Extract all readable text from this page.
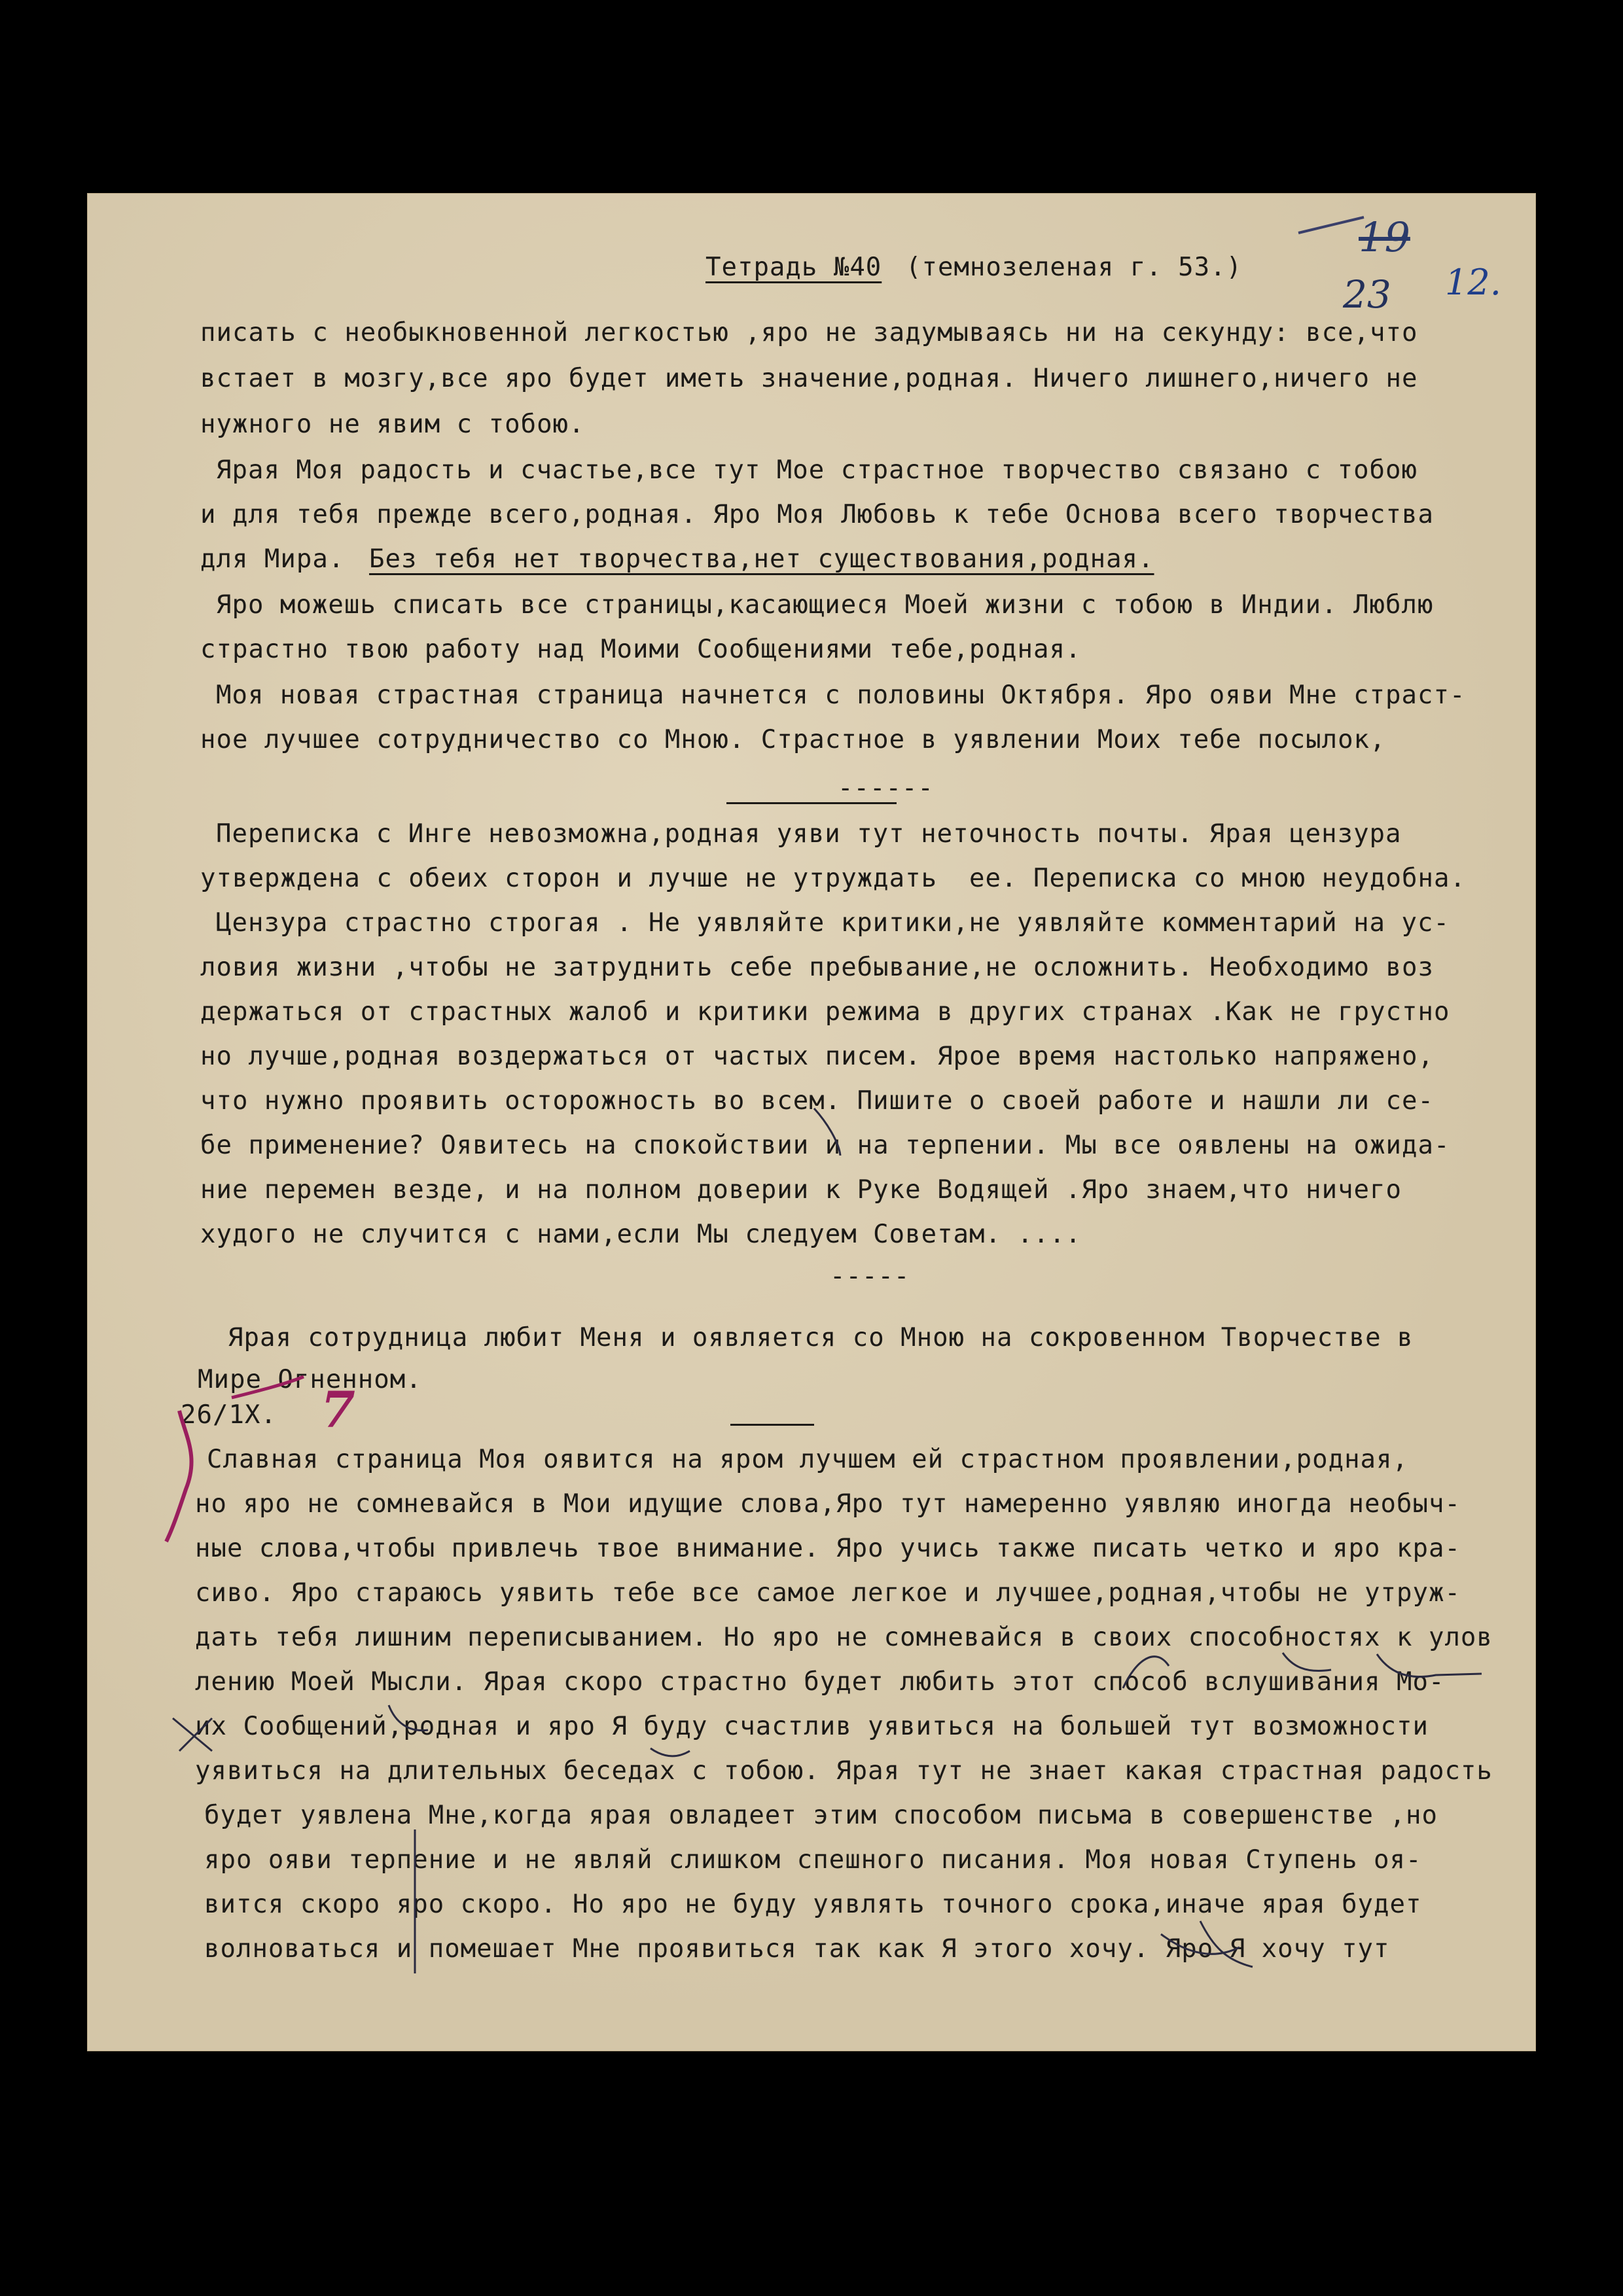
Тетрадь №40 (темнозеленая г. 53.)
19
23 12.
писать с необыкновенной легкостью ,яро не задумываясь ни на секунду: все,что
встает в мозгу,все яро будет иметь значение,родная. Ничего лишнего,ничего не
нужного не явим с тобою.
Ярая Моя радость и счастье,все тут Мое страстное творчество связано с тобою
и для тебя прежде всего,родная. Яро Моя Любовь к тебе Основа всего творчества
для Мира. Без тебя нет творчества,нет существования,родная.
Яро можешь списать все страницы,касающиеся Моей жизни с тобою в Индии. Люблю
страстно твою работу над Моими Сообщениями тебе,родная.
Моя новая страстная страница начнется с половины Октября. Яро ояви Мне страст-
ное лучшее сотрудничество со Мною. Страстное в уявлении Моих тебе посылок,
------
Переписка с Инге невозможна,родная уяви тут неточность почты. Ярая цензура
утверждена с обеих сторон и лучше не утруждать  ее. Переписка со мною неудобна.
Цензура страстно строгая . Не уявляйте критики,не уявляйте комментарий на ус-
ловия жизни ,чтобы не затруднить себе пребывание,не осложнить. Необходимо воз
держаться от страстных жалоб и критики режима в других странах .Как не грустно
но лучше,родная воздержаться от частых писем. Ярое время настолько напряжено,
что нужно проявить осторожность во всем. Пишите о своей работе и нашли ли се-
бе применение? Оявитесь на спокойствии и на терпении. Мы все оявлены на ожида-
ние перемен везде, и на полном доверии к Руке Водящей .Яро знаем,что ничего
худого не случится с нами,если Мы следуем Советам. ....
-----
Ярая сотрудница любит Меня и оявляется со Мною на сокровенном Творчестве в
Мире Огненном.
26/1Х. 7
Славная страница Моя оявится на яром лучшем ей страстном проявлении,родная,
но яро не сомневайся в Мои идущие слова,Яро тут намеренно уявляю иногда необыч-
ные слова,чтобы привлечь твое внимание. Яро учись также писать четко и яро кра-
сиво. Яро стараюсь уявить тебе все самое легкое и лучшее,родная,чтобы не утруж-
дать тебя лишним переписыванием. Но яро не сомневайся в своих способностях к улов
лению Моей Мысли. Ярая скоро страстно будет любить этот способ вслушивания Мо-
их Сообщений,родная и яро Я буду счастлив уявиться на большей тут возможности
уявиться на длительных беседах с тобою. Ярая тут не знает какая страстная радость
будет уявлена Мне,когда ярая овладеет этим способом письма в совершенстве ,но
яро ояви терпение и не являй слишком спешного писания. Моя новая Ступень оя-
вится скоро яро скоро. Но яро не буду уявлять точного срока,иначе ярая будет
волноваться и помешает Мне проявиться так как Я этого хочу. Яро Я хочу тут
